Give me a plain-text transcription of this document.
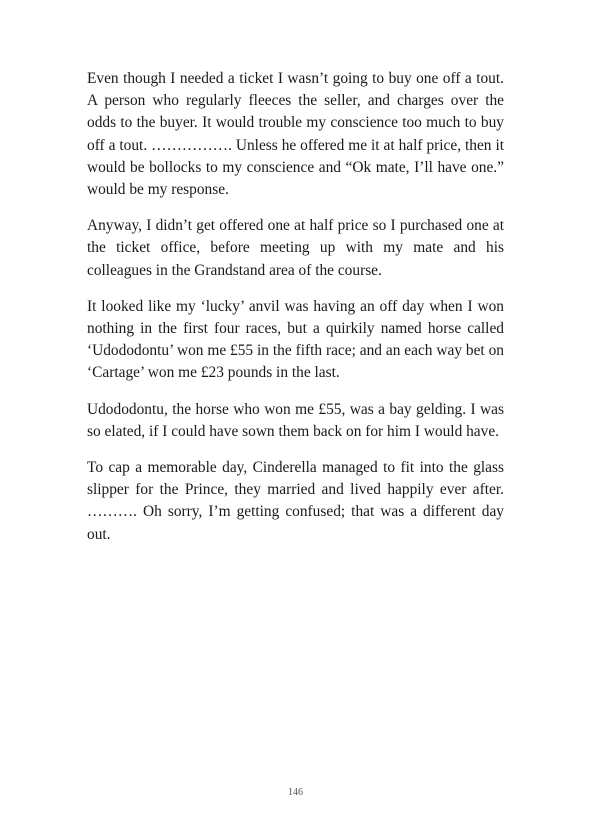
Even though I needed a ticket I wasn’t going to buy one off a tout. A person who regularly fleeces the seller, and charges over the odds to the buyer. It would trouble my conscience too much to buy off a tout. ……………. Unless he offered me it at half price, then it would be bollocks to my conscience and “Ok mate, I’ll have one.” would be my response.

Anyway, I didn’t get offered one at half price so I purchased one at the ticket office, before meeting up with my mate and his colleagues in the Grandstand area of the course.

It looked like my ‘lucky’ anvil was having an off day when I won nothing in the first four races, but a quirkily named horse called ‘Udododontu’ won me £55 in the fifth race; and an each way bet on ‘Cartage’ won me £23 pounds in the last.

Udododontu, the horse who won me £55, was a bay gelding. I was so elated, if I could have sown them back on for him I would have.

To cap a memorable day, Cinderella managed to fit into the glass slipper for the Prince, they married and lived happily ever after. ………. Oh sorry, I’m getting confused; that was a different day out.

146
